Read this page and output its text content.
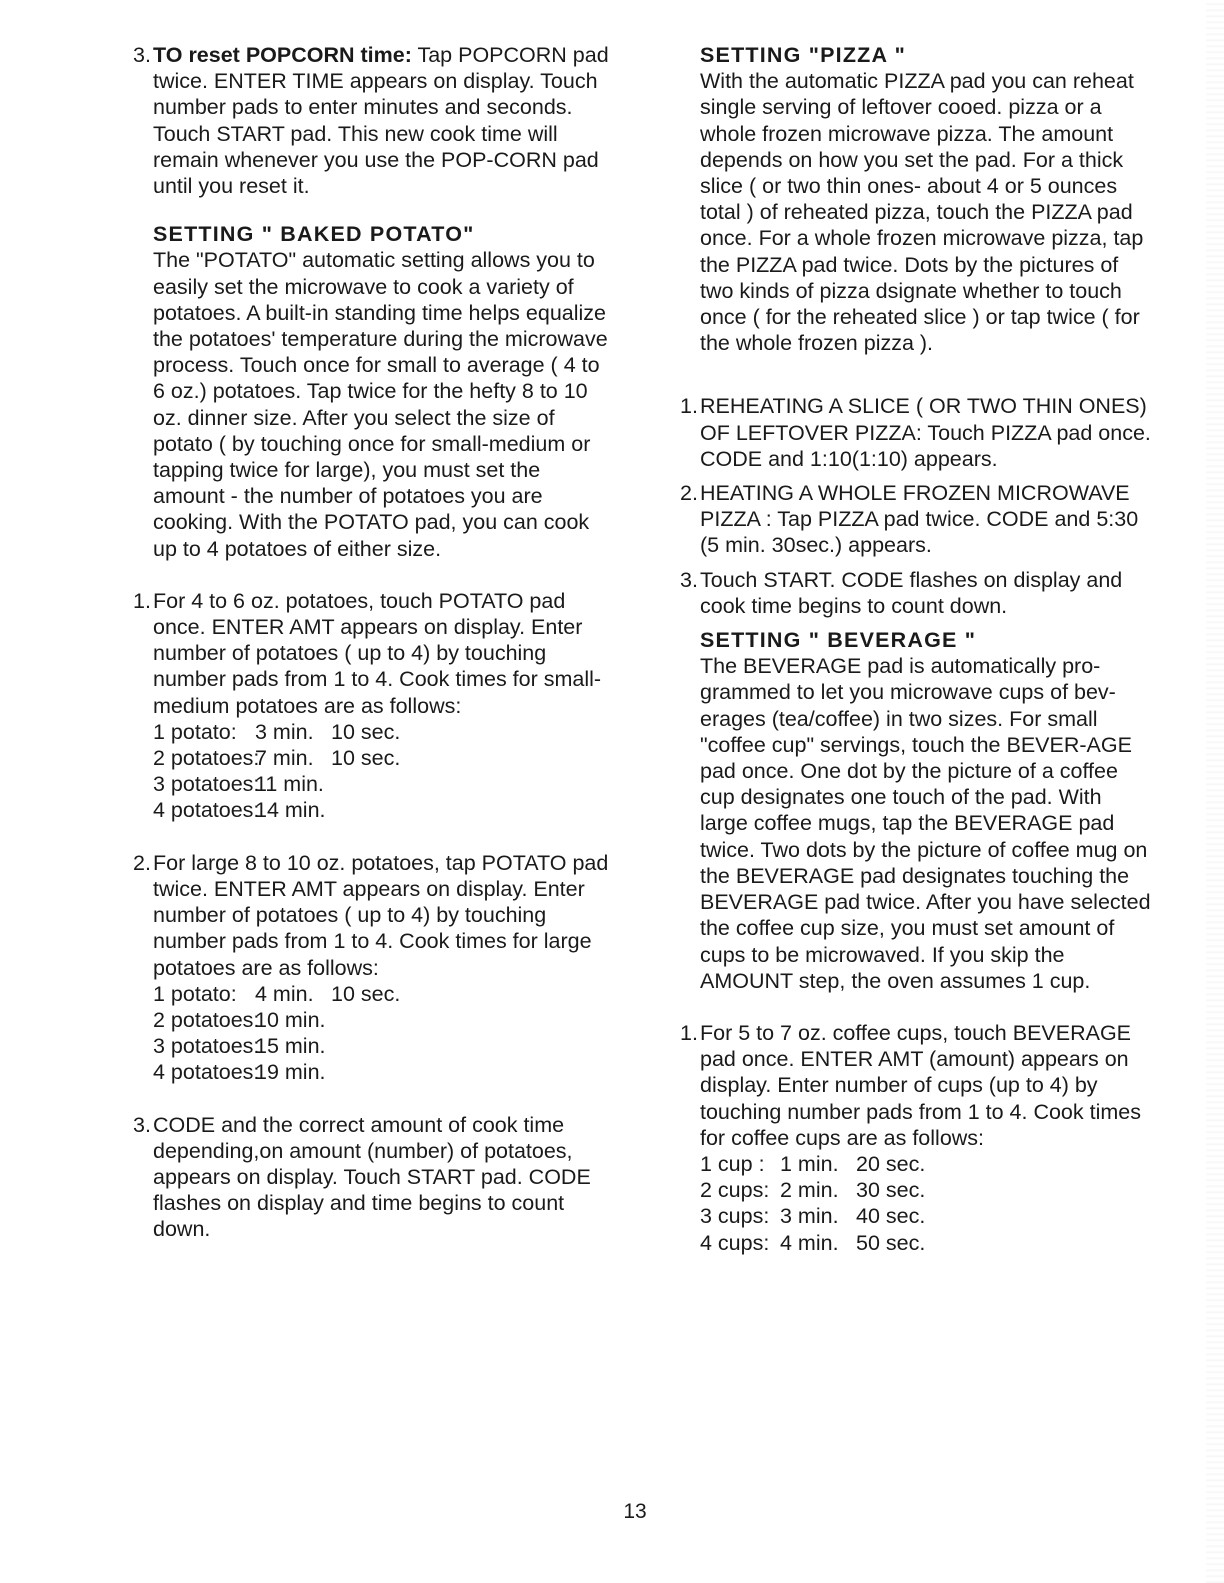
3. TO reset POPCORN time: Tap POPCORN pad twice. ENTER TIME appears on display. Touch number pads to enter minutes and seconds. Touch START pad. This new cook time will remain whenever you use the POP-CORN pad until you reset it.

SETTING " BAKED POTATO"

The "POTATO" automatic setting allows you to easily set the microwave to cook a variety of potatoes. A built-in standing time helps equalize the potatoes' temperature during the microwave process. Touch once for small to average ( 4 to 6 oz.) potatoes. Tap twice for the hefty 8 to 10 oz. dinner size. After you select the size of potato ( by touching once for small-medium or tapping twice for large), you must set the amount - the number of potatoes you are cooking. With the POTATO pad, you can cook up to 4 potatoes of either size.

1. For 4 to 6 oz. potatoes, touch POTATO pad once. ENTER AMT appears on display. Enter number of potatoes ( up to 4) by touching number pads from 1 to 4. Cook times for small-medium potatoes are as follows:
1 potato: 3 min. 10 sec.
2 potatoes:
7 min. 10 sec.
3 potatoes:
11 min.
4 potatoes:
14 min.
2. For large 8 to 10 oz. potatoes, tap POTATO pad twice. ENTER AMT appears on display. Enter number of potatoes ( up to 4) by touching number pads from 1 to 4. Cook times for large potatoes are as follows:
1 potato: 4 min. 10 sec.
2 potatoes:
10 min.
3 potatoes:
15 min.
4 potatoes:
19 min.
3. CODE and the correct amount of cook time depending,on amount (number) of potatoes, appears on display. Touch START pad. CODE flashes on display and time begins to count down.

SETTING "PIZZA "

With the automatic PIZZA pad you can reheat single serving of leftover cooed. pizza or a whole frozen microwave pizza. The amount depends on how you set the pad. For a thick slice ( or two thin ones- about 4 or 5 ounces total ) of reheated pizza, touch the PIZZA pad once. For a whole frozen microwave pizza, tap the PIZZA pad twice. Dots by the pictures of two kinds of pizza dsignate whether to touch once ( for the reheated slice ) or tap twice ( for the whole frozen pizza ).

1. REHEATING A SLICE ( OR TWO THIN ONES) OF LEFTOVER PIZZA: Touch PIZZA pad once. CODE and 1:10(1:10) appears.
2. HEATING A WHOLE FROZEN MICROWAVE PIZZA : Tap PIZZA pad twice. CODE and 5:30 (5 min. 30sec.) appears.
3. Touch START. CODE flashes on display and cook time begins to count down.

SETTING " BEVERAGE "

The BEVERAGE pad is automatically pro-grammed to let you microwave cups of bev-erages (tea/coffee) in two sizes. For small "coffee cup" servings, touch the BEVER-AGE pad once. One dot by the picture of a coffee cup designates one touch of the pad. With large coffee mugs, tap the BEVERAGE pad twice. Two dots by the picture of coffee mug on the BEVERAGE pad designates touching the BEVERAGE pad twice. After you have selected the coffee cup size, you must set amount of cups to be microwaved. If you skip the AMOUNT step, the oven assumes 1 cup.

1. For 5 to 7 oz. coffee cups, touch BEVERAGE pad once. ENTER AMT (amount) appears on display. Enter number of cups (up to 4) by touching number pads from 1 to 4. Cook times for coffee cups are as follows:
1 cup : 1 min. 20 sec.
2 cups: 2 min. 30 sec.
3 cups: 3 min. 40 sec.
4 cups: 4 min. 50 sec.
13
